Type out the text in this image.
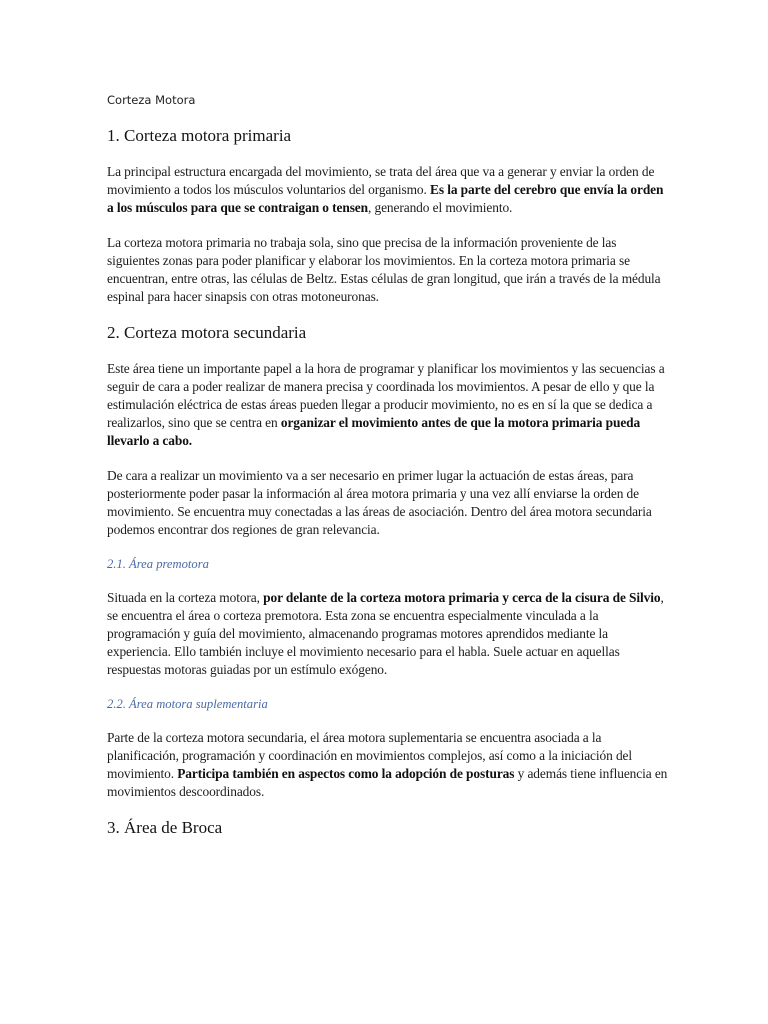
Corteza Motora
1. Corteza motora primaria

La principal estructura encargada del movimiento, se trata del área que va a generar y enviar la orden de movimiento a todos los músculos voluntarios del organismo. Es la parte del cerebro que envía la orden a los músculos para que se contraigan o tensen, generando el movimiento.

La corteza motora primaria no trabaja sola, sino que precisa de la información proveniente de las siguientes zonas para poder planificar y elaborar los movimientos. En la corteza motora primaria se encuentran, entre otras, las células de Beltz. Estas células de gran longitud, que irán a través de la médula espinal para hacer sinapsis con otras motoneuronas.

2. Corteza motora secundaria

Este área tiene un importante papel a la hora de programar y planificar los movimientos y las secuencias a seguir de cara a poder realizar de manera precisa y coordinada los movimientos. A pesar de ello y que la estimulación eléctrica de estas áreas pueden llegar a producir movimiento, no es en sí la que se dedica a realizarlos, sino que se centra en organizar el movimiento antes de que la motora primaria pueda llevarlo a cabo.

De cara a realizar un movimiento va a ser necesario en primer lugar la actuación de estas áreas, para posteriormente poder pasar la información al área motora primaria y una vez allí enviarse la orden de movimiento. Se encuentra muy conectadas a las áreas de asociación. Dentro del área motora secundaria podemos encontrar dos regiones de gran relevancia.

2.1. Área premotora

Situada en la corteza motora, por delante de la corteza motora primaria y cerca de la cisura de Silvio, se encuentra el área o corteza premotora. Esta zona se encuentra especialmente vinculada a la programación y guía del movimiento, almacenando programas motores aprendidos mediante la experiencia. Ello también incluye el movimiento necesario para el habla. Suele actuar en aquellas respuestas motoras guiadas por un estímulo exógeno.

2.2. Área motora suplementaria

Parte de la corteza motora secundaria, el área motora suplementaria se encuentra asociada a la planificación, programación y coordinación en movimientos complejos, así como a la iniciación del movimiento. Participa también en aspectos como la adopción de posturas y además tiene influencia en movimientos descoordinados.

3. Área de Broca
